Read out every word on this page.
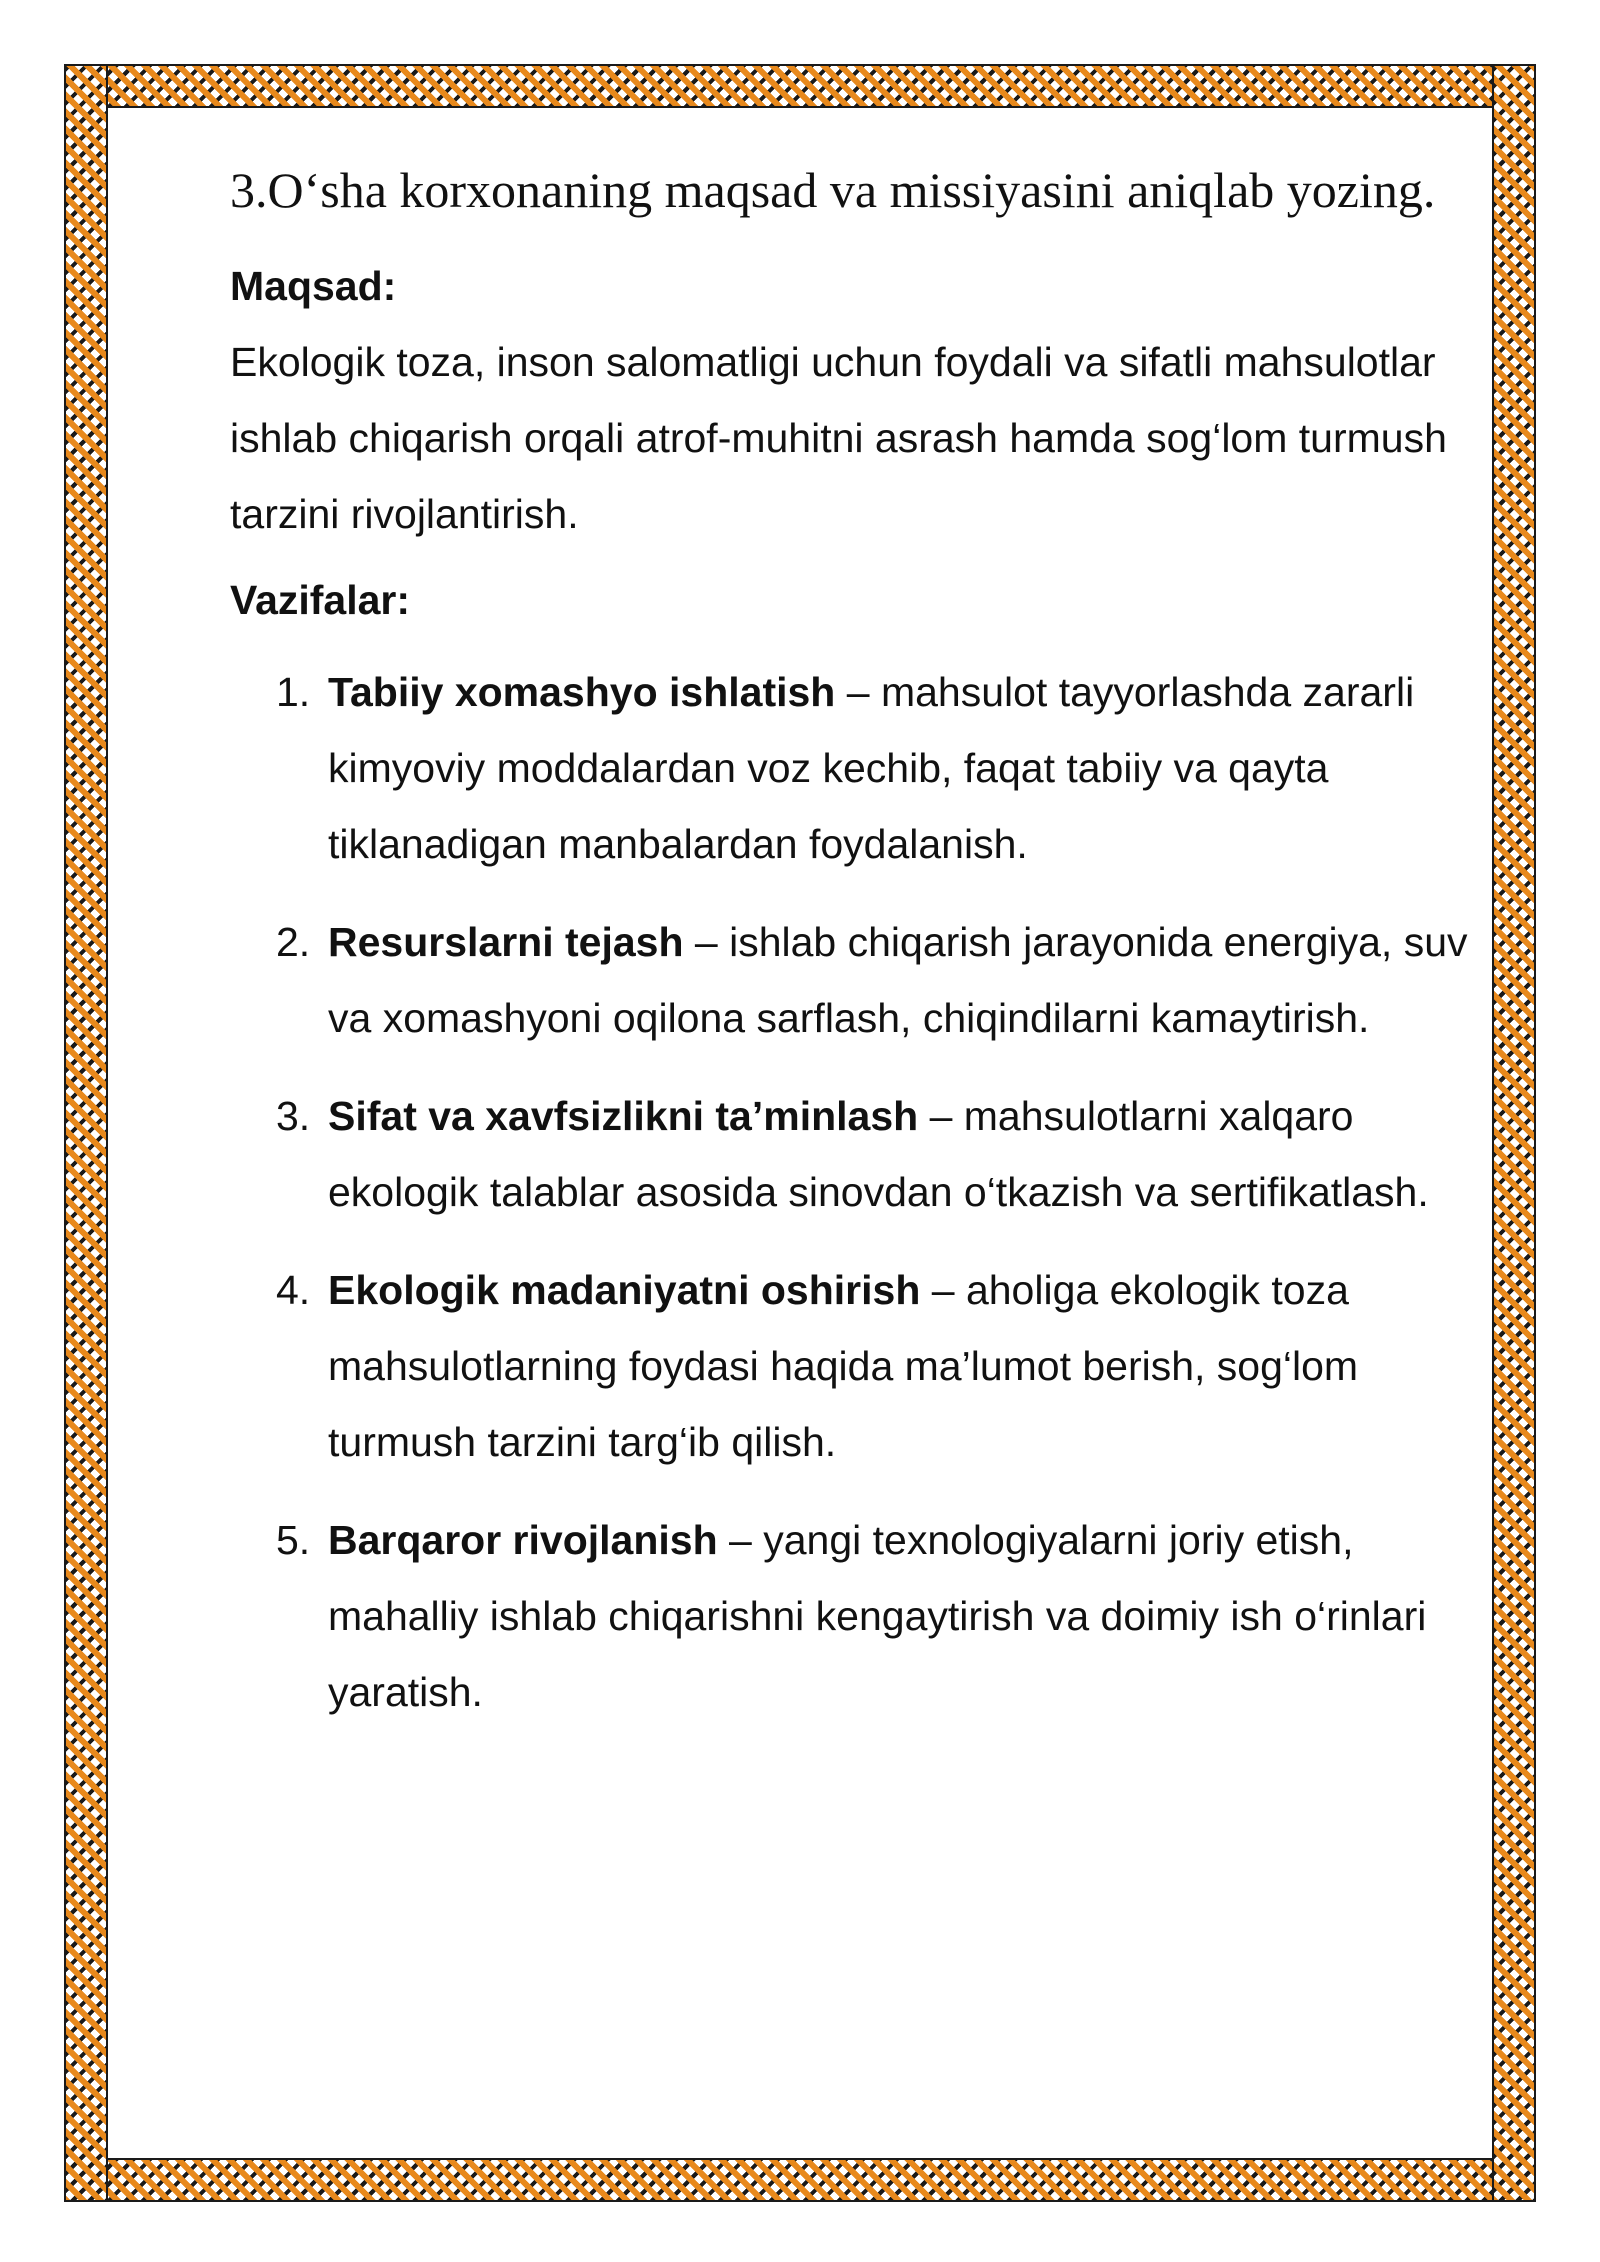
3.O‘sha korxonaning maqsad va missiyasini aniqlab yozing.

Maqsad:

Ekologik toza, inson salomatligi uchun foydali va sifatli mahsulotlar ishlab chiqarish orqali atrof-muhitni asrash hamda sog‘lom turmush tarzini rivojlantirish.

Vazifalar:

1. Tabiiy xomashyo ishlatish – mahsulot tayyorlashda zararli kimyoviy moddalardan voz kechib, faqat tabiiy va qayta tiklanadigan manbalardan foydalanish.
2. Resurslarni tejash – ishlab chiqarish jarayonida energiya, suv va xomashyoni oqilona sarflash, chiqindilarni kamaytirish.
3. Sifat va xavfsizlikni ta’minlash – mahsulotlarni xalqaro ekologik talablar asosida sinovdan o‘tkazish va sertifikatlash.
4. Ekologik madaniyatni oshirish – aholiga ekologik toza mahsulotlarning foydasi haqida ma’lumot berish, sog‘lom turmush tarzini targ‘ib qilish.
5. Barqaror rivojlanish – yangi texnologiyalarni joriy etish, mahalliy ishlab chiqarishni kengaytirish va doimiy ish o‘rinlari yaratish.
